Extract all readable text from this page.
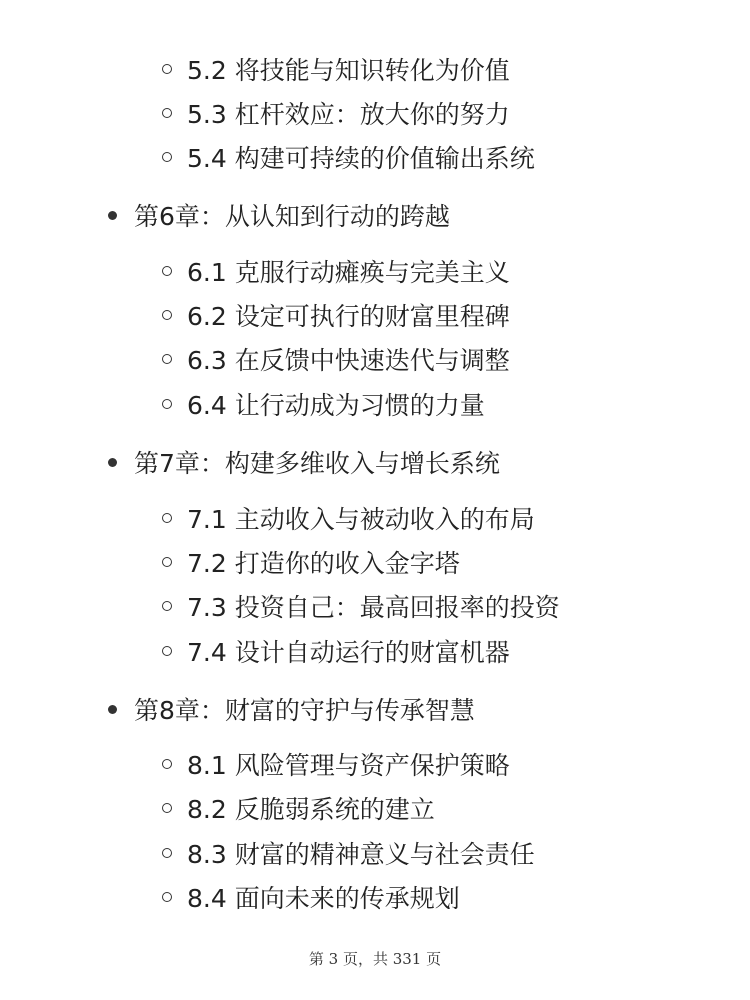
5.2 将技能与知识转化为价值
5.3 杠杆效应：放大你的努力
5.4 构建可持续的价值输出系统
第6章：从认知到行动的跨越
6.1 克服行动瘫痪与完美主义
6.2 设定可执行的财富里程碑
6.3 在反馈中快速迭代与调整
6.4 让行动成为习惯的力量
第7章：构建多维收入与增长系统
7.1 主动收入与被动收入的布局
7.2 打造你的收入金字塔
7.3 投资自己：最高回报率的投资
7.4 设计自动运行的财富机器
第8章：财富的守护与传承智慧
8.1 风险管理与资产保护策略
8.2 反脆弱系统的建立
8.3 财富的精神意义与社会责任
8.4 面向未来的传承规划
第 3 页，共 331 页
